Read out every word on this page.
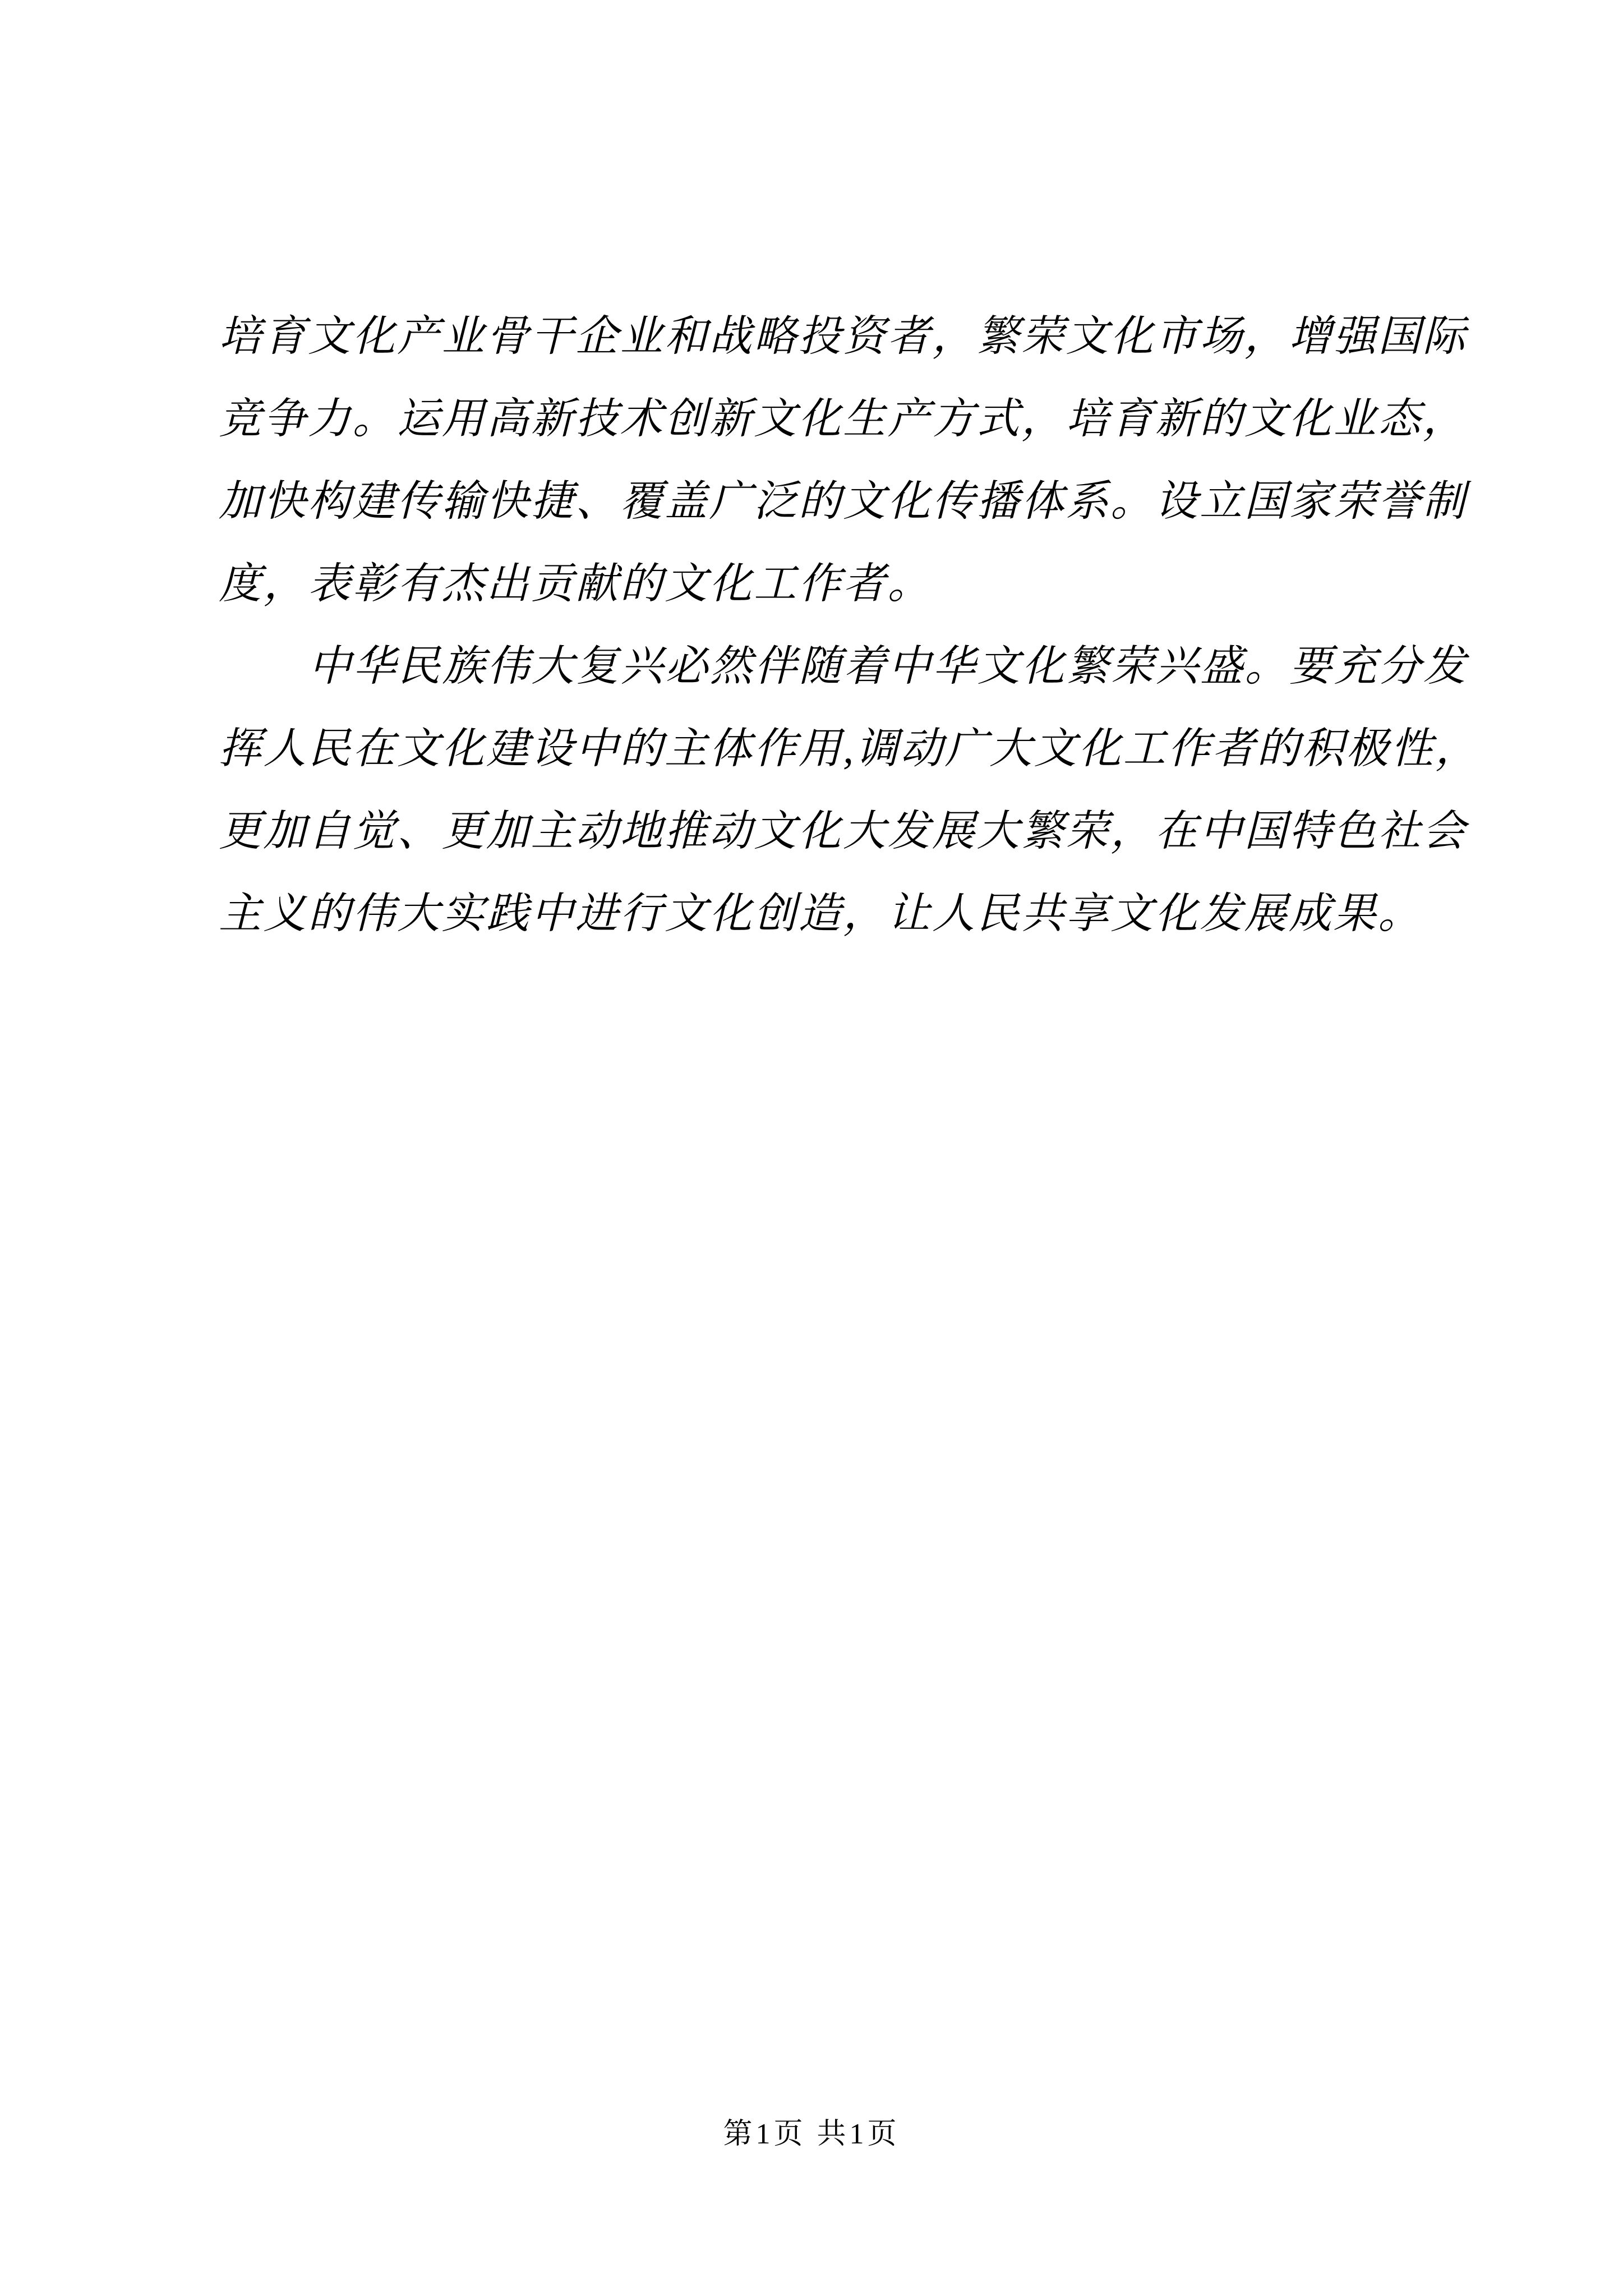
培育文化产业骨干企业和战略投资者，繁荣文化市场，增强国际
竞争力。运用高新技术创新文化生产方式，培育新的文化业态，
加快构建传输快捷、覆盖广泛的文化传播体系。设立国家荣誉制
度，表彰有杰出贡献的文化工作者。
中华民族伟大复兴必然伴随着中华文化繁荣兴盛。要充分发
挥人民在文化建设中的主体作用,调动广大文化工作者的积极性，
更加自觉、更加主动地推动文化大发展大繁荣，在中国特色社会
主义的伟大实践中进行文化创造，让人民共享文化发展成果。
第1页 共1页
